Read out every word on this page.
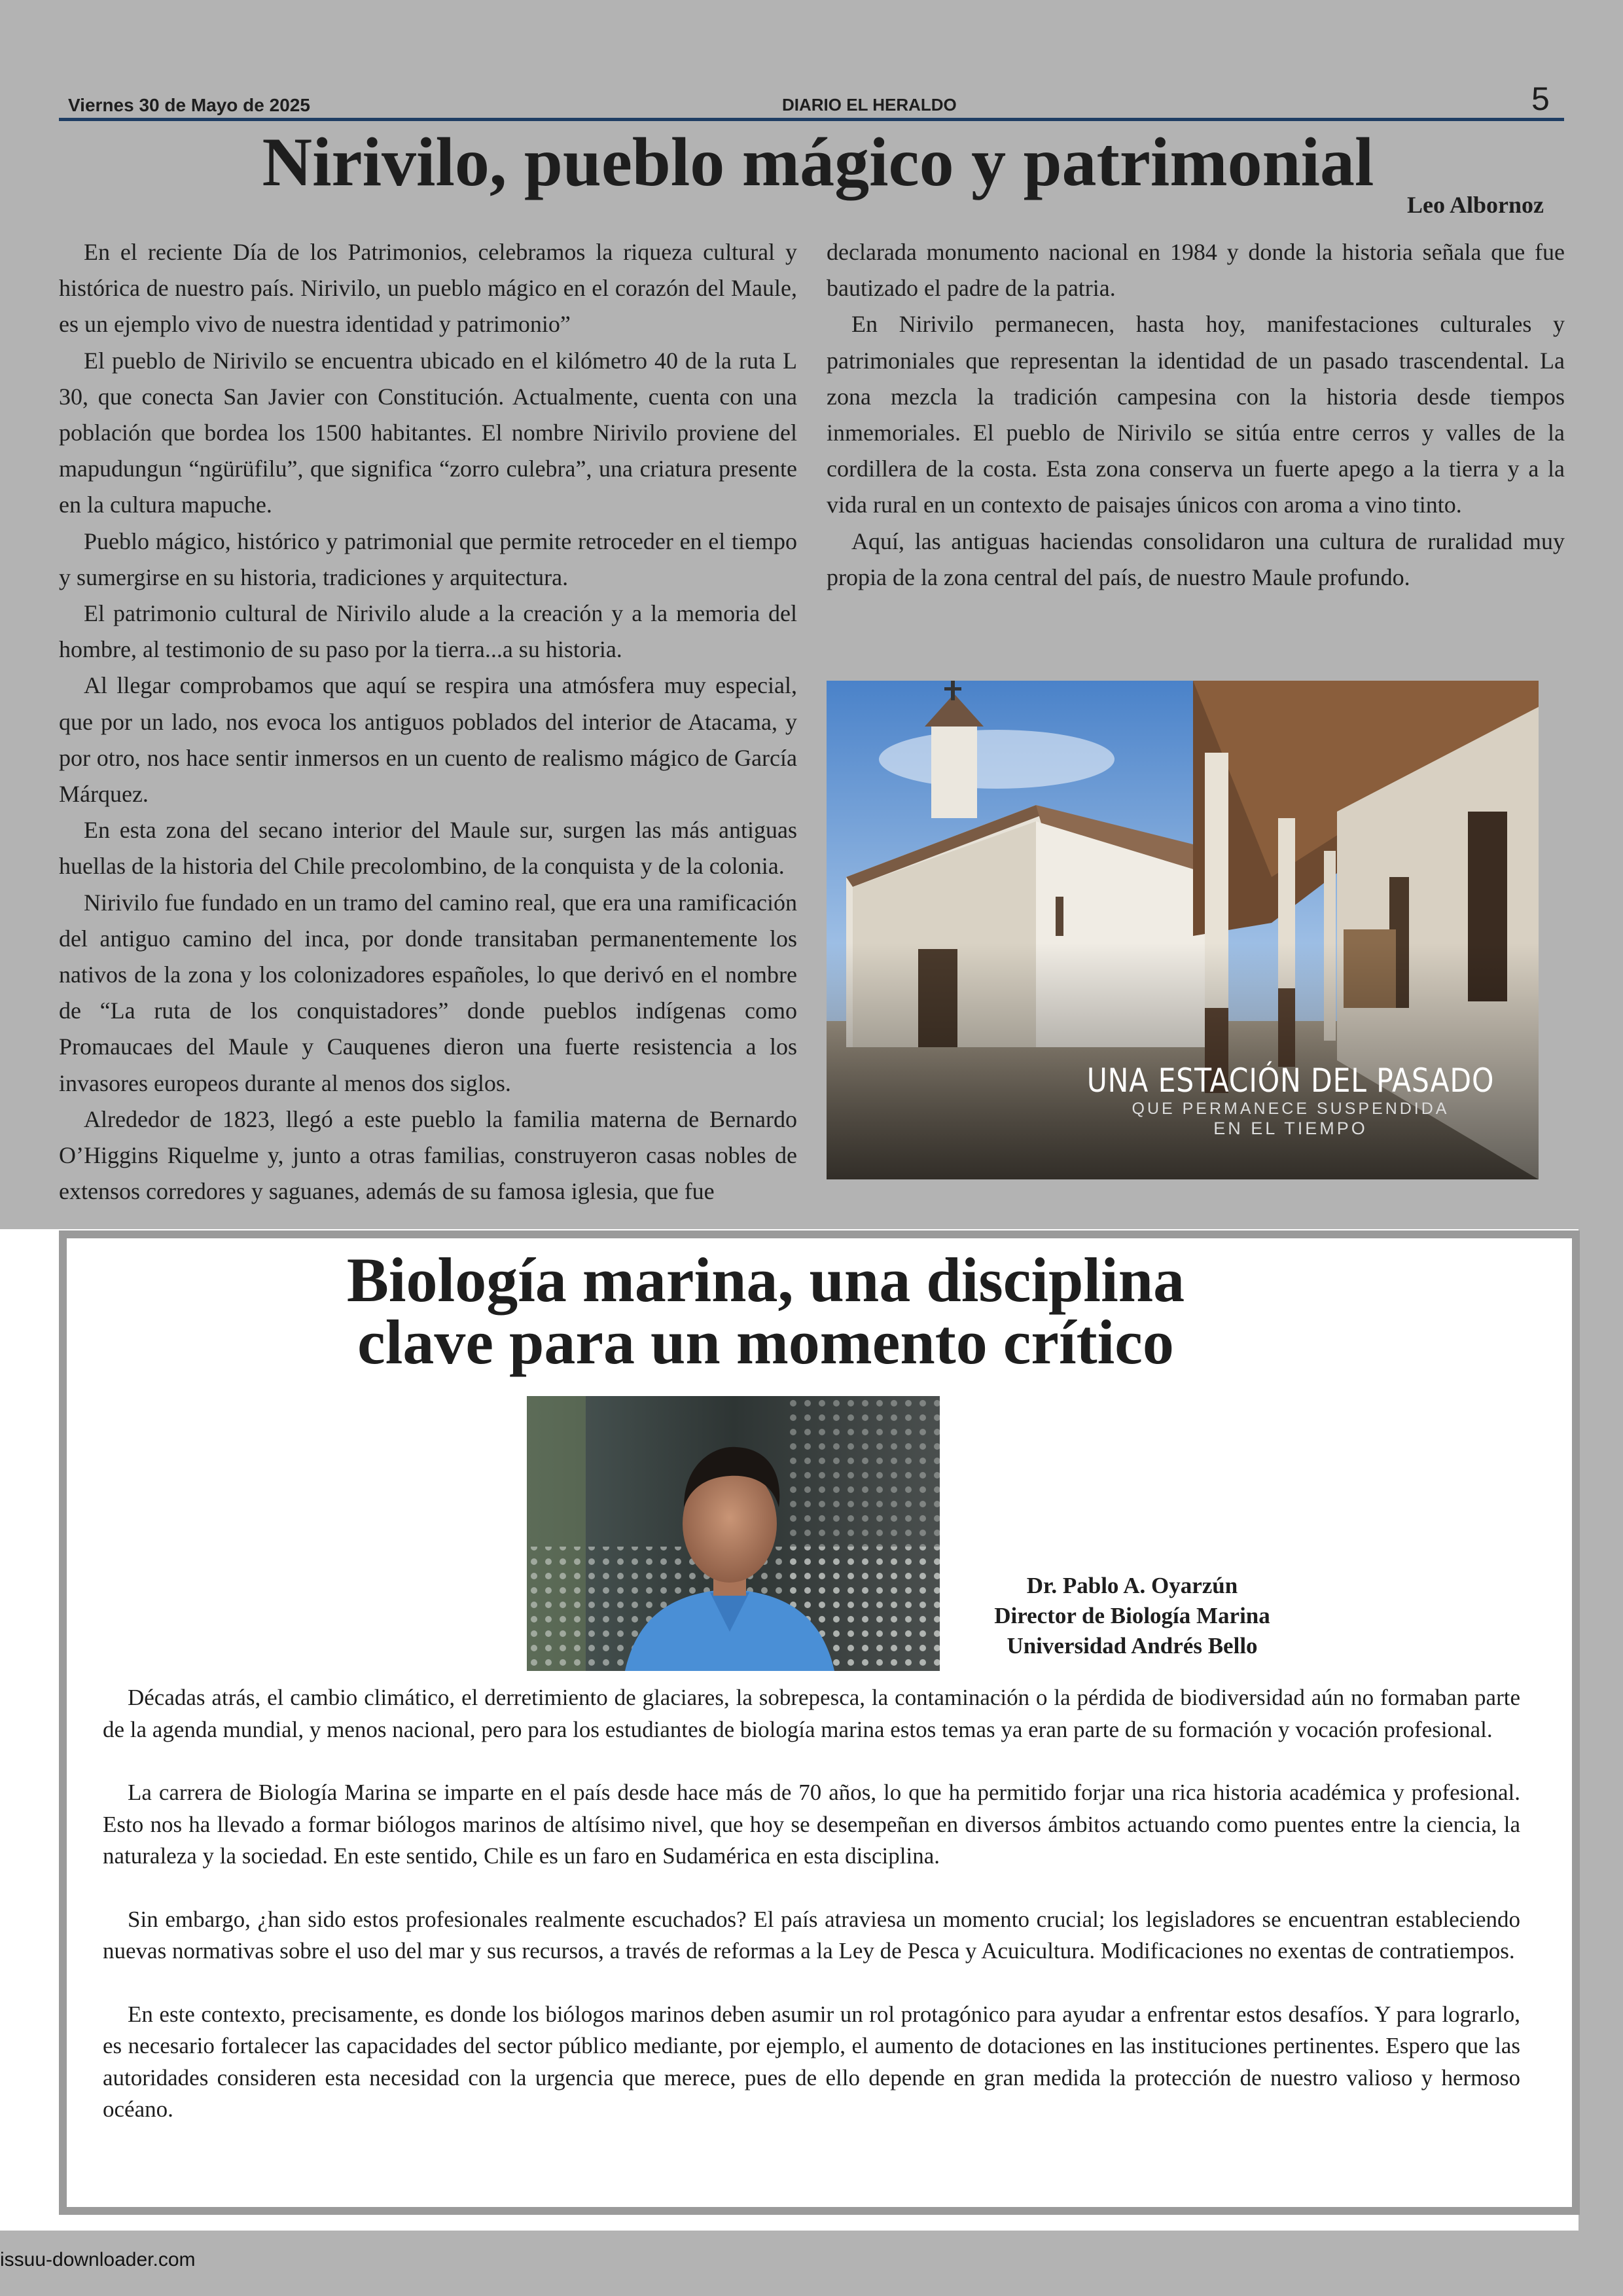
Viernes 30 de Mayo de 2025	DIARIO EL HERALDO	5
Nirivilo, pueblo mágico y patrimonial
Leo Albornoz

En el reciente Día de los Patrimonios, celebramos la riqueza cultural y histórica de nuestro país. Nirivilo, un pueblo mágico en el corazón del Maule, es un ejemplo vivo de nuestra identidad y patrimonio”

El pueblo de Nirivilo se encuentra ubicado en el kilómetro 40 de la ruta L 30, que conecta San Javier con Constitución. Actualmente, cuenta con una población que bordea los 1500 habitantes. El nombre Nirivilo proviene del mapudungun “ngürüfilu”, que significa “zorro culebra”, una criatura presente en la cultura mapuche.

Pueblo mágico, histórico y patrimonial que permite retroceder en el tiempo y sumergirse en su historia, tradiciones y arquitectura.

El patrimonio cultural de Nirivilo alude a la creación y a la memoria del hombre, al testimonio de su paso por la tierra...a su historia.

Al llegar comprobamos que aquí se respira una atmósfera muy especial, que por un lado, nos evoca los antiguos poblados del interior de Atacama, y por otro, nos hace sentir inmersos en un cuento de realismo mágico de García Márquez.

En esta zona del secano interior del Maule sur, surgen las más antiguas huellas de la historia del Chile precolombino, de la conquista y de la colonia.

Nirivilo fue fundado en un tramo del camino real, que era una ramificación del antiguo camino del inca, por donde transitaban permanentemente los nativos de la zona y los colonizadores españoles, lo que derivó en el nombre de “La ruta de los conquistadores” donde pueblos indígenas como Promaucaes del Maule y Cauquenes dieron una fuerte resistencia a los invasores europeos durante al menos dos siglos.

Alrededor de 1823, llegó a este pueblo la familia materna de Bernardo O’Higgins Riquelme y, junto a otras familias, construyeron casas nobles de extensos corredores y saguanes, además de su famosa iglesia, que fue

declarada monumento nacional en 1984 y donde la historia señala que fue bautizado el padre de la patria.

En Nirivilo permanecen, hasta hoy, manifestaciones culturales y patrimoniales que representan la identidad de un pasado trascendental. La zona mezcla la tradición campesina con la historia desde tiempos inmemoriales. El pueblo de Nirivilo se sitúa entre cerros y valles de la cordillera de la costa. Esta zona conserva un fuerte apego a la tierra y a la vida rural en un contexto de paisajes únicos con aroma a vino tinto.

Aquí, las antiguas haciendas consolidaron una cultura de ruralidad muy propia de la zona central del país, de nuestro Maule profundo.

UNA ESTACIÓN DEL PASADO
QUE PERMANECE SUSPENDIDA
EN EL TIEMPO
Biología marina, una disciplina
clave para un momento crítico
Dr. Pablo A. Oyarzún
Director de Biología Marina
Universidad Andrés Bello

Décadas atrás, el cambio climático, el derretimiento de glaciares, la sobrepesca, la contaminación o la pérdida de biodiversidad aún no formaban parte de la agenda mundial, y menos nacional, pero para los estudiantes de biología marina estos temas ya eran parte de su formación y vocación profesional.

La carrera de Biología Marina se imparte en el país desde hace más de 70 años, lo que ha permitido forjar una rica historia académica y profesional. Esto nos ha llevado a formar biólogos marinos de altísimo nivel, que hoy se desempeñan en diversos ámbitos actuando como puentes entre la ciencia, la naturaleza y la sociedad. En este sentido, Chile es un faro en Sudamérica en esta disciplina.

Sin embargo, ¿han sido estos profesionales realmente escuchados? El país atraviesa un momento crucial; los legisladores se encuentran estableciendo nuevas normativas sobre el uso del mar y sus recursos, a través de reformas a la Ley de Pesca y Acuicultura. Modificaciones no exentas de contratiempos.

En este contexto, precisamente, es donde los biólogos marinos deben asumir un rol protagónico para ayudar a enfrentar estos desafíos. Y para lograrlo, es necesario fortalecer las capacidades del sector público mediante, por ejemplo, el aumento de dotaciones en las instituciones pertinentes. Espero que las autoridades consideren esta necesidad con la urgencia que merece, pues de ello depende en gran medida la protección de nuestro valioso y hermoso océano.

issuu-downloader.com
